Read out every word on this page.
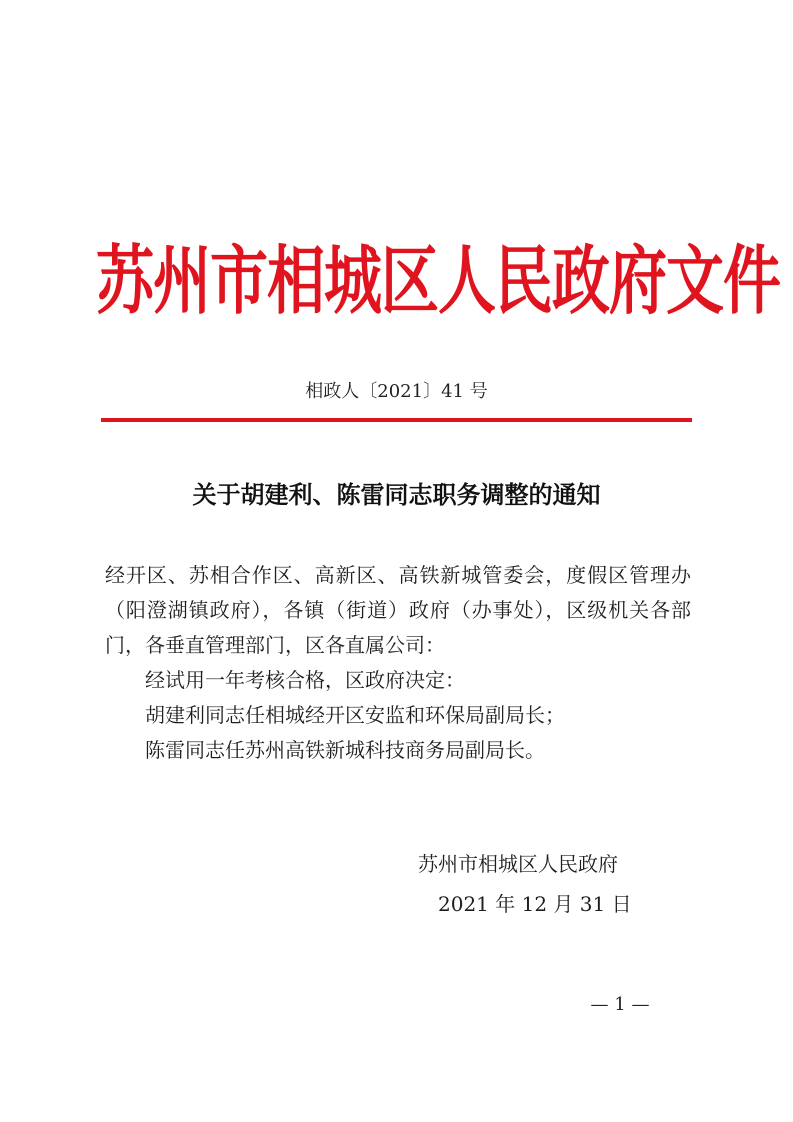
苏州市相城区人民政府文件
相政人〔2021〕41 号
关于胡建利、陈雷同志职务调整的通知

经开区、苏相合作区、高新区、高铁新城管委会，度假区管理办（阳澄湖镇政府），各镇（街道）政府（办事处），区级机关各部门，各垂直管理部门，区各直属公司：

经试用一年考核合格，区政府决定：

胡建利同志任相城经开区安监和环保局副局长；

陈雷同志任苏州高铁新城科技商务局副局长。

苏州市相城区人民政府
2021 年 12 月 31 日
— 1 —
